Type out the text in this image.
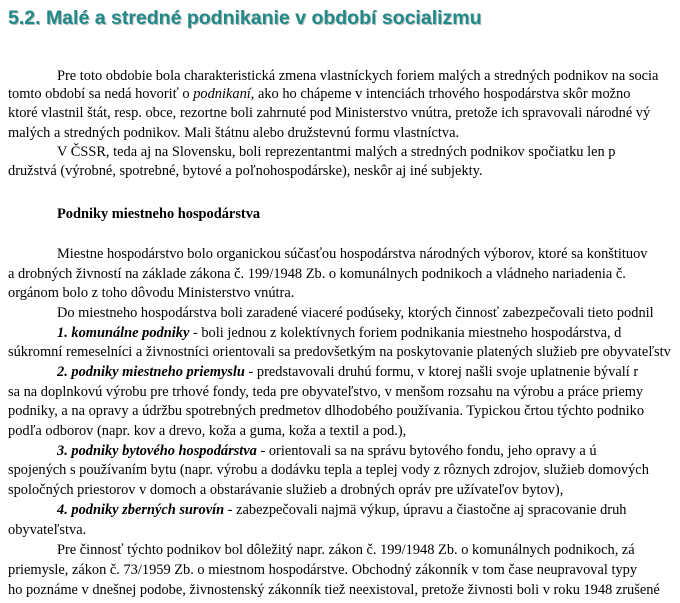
5.2. Malé a stredné podnikanie v období socializmu
Pre toto obdobie bola charakteristická zmena vlastníckych foriem malých a stredných podnikov na socia
tomto období sa nedá hovoriť o podnikaní, ako ho chápeme v intenciách trhového hospodárstva skôr možno
ktoré vlastnil štát, resp. obce, rezortne boli zahrnuté pod Ministerstvo vnútra, pretože ich spravovali národné vý
malých a stredných podnikov. Mali štátnu alebo družstevnú formu vlastníctva.
V ČSSR, teda aj na Slovensku, boli reprezentantmi malých a stredných podnikov spočiatku len p
družstvá (výrobné, spotrebné, bytové a poľnohospodárske), neskôr aj iné subjekty.
Podniky miestneho hospodárstva
Miestne hospodárstvo bolo organickou súčasťou hospodárstva národných výborov, ktoré sa konštituov
a drobných živností na základe zákona č. 199/1948 Zb. o komunálnych podnikoch a vládneho nariadenia č.
orgánom bolo z toho dôvodu Ministerstvo vnútra.
Do miestneho hospodárstva boli zaradené viaceré podúseky, ktorých činnosť zabezpečovali tieto podnil
1. komunálne podniky - boli jednou z kolektívnych foriem podnikania miestneho hospodárstva, d
súkromní remeselníci a živnostníci orientovali sa predovšetkým na poskytovanie platených služieb pre obyvateľstv
2. podniky miestneho priemyslu - predstavovali druhú formu, v ktorej našli svoje uplatnenie bývalí r
sa na doplnkovú výrobu pre trhové fondy, teda pre obyvateľstvo, v menšom rozsahu na výrobu a práce priemy
podniky, a na opravy a údržbu spotrebných predmetov dlhodobého používania. Typickou črtou týchto podniko
podľa odborov (napr. kov a drevo, koža a guma, koža a textil a pod.),
3. podniky bytového hospodárstva - orientovali sa na správu bytového fondu, jeho opravy a ú
spojených s používaním bytu (napr. výrobu a dodávku tepla a teplej vody z rôznych zdrojov, služieb domových
spoločných priestorov v domoch a obstarávanie služieb a drobných opráv pre užívateľov bytov),
4. podniky zberných surovín - zabezpečovali najmä výkup, úpravu a čiastočne aj spracovanie druh
obyvateľstva.
Pre činnosť týchto podnikov bol dôležitý napr. zákon č. 199/1948 Zb. o komunálnych podnikoch, zá
priemysle, zákon č. 73/1959 Zb. o miestnom hospodárstve. Obchodný zákonník v tom čase neupravoval typy
ho poznáme v dnešnej podobe, živnostenský zákonník tiež neexistoval, pretože živnosti boli v roku 1948 zrušené
